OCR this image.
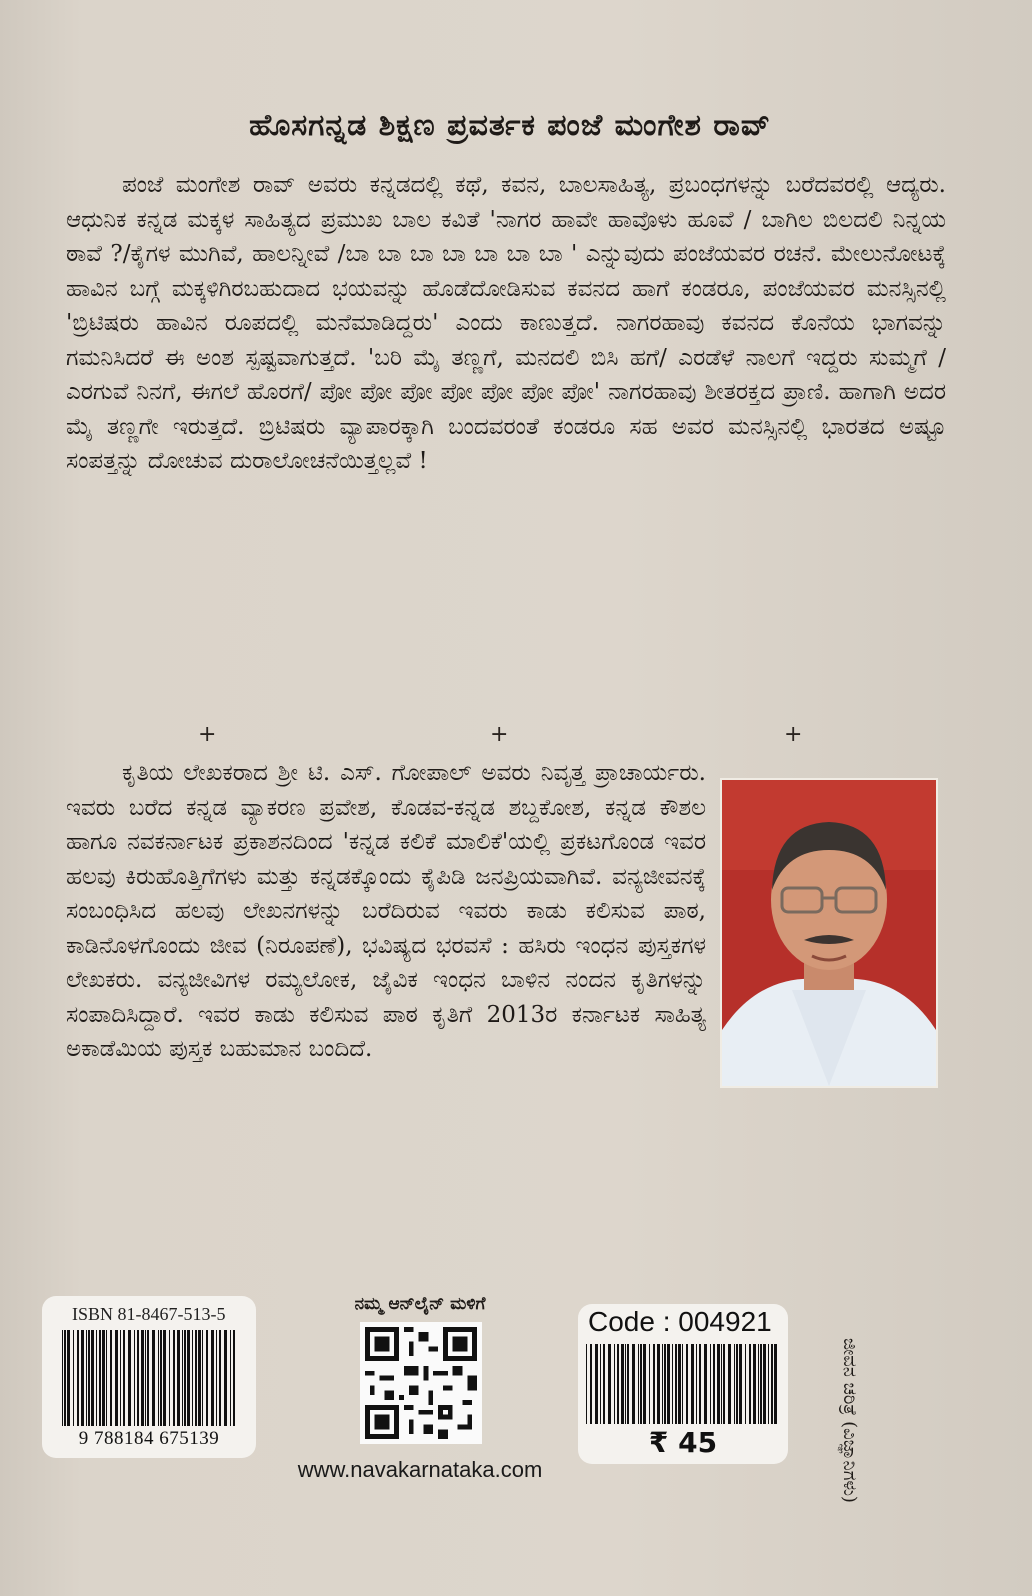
ಹೊಸಗನ್ನಡ ಶಿಕ್ಷಣ ಪ್ರವರ್ತಕ ಪಂಜೆ ಮಂಗೇಶ ರಾವ್

ಪಂಜೆ ಮಂಗೇಶ ರಾವ್ ಅವರು ಕನ್ನಡದಲ್ಲಿ ಕಥೆ, ಕವನ, ಬಾಲಸಾಹಿತ್ಯ, ಪ್ರಬಂಧಗಳನ್ನು ಬರೆದವರಲ್ಲಿ ಆದ್ಯರು. ಆಧುನಿಕ ಕನ್ನಡ ಮಕ್ಕಳ ಸಾಹಿತ್ಯದ ಪ್ರಮುಖ ಬಾಲ ಕವಿತೆ 'ನಾಗರ ಹಾವೇ ಹಾವೊಳು ಹೂವೆ / ಬಾಗಿಲ ಬಿಲದಲಿ ನಿನ್ನಯ ಠಾವೆ ?/ಕೈಗಳ ಮುಗಿವೆ, ಹಾಲನ್ನೀವೆ /ಬಾ ಬಾ ಬಾ ಬಾ ಬಾ ಬಾ ಬಾ ' ಎನ್ನುವುದು ಪಂಜೆಯವರ ರಚನೆ. ಮೇಲುನೋಟಕ್ಕೆ ಹಾವಿನ ಬಗ್ಗೆ ಮಕ್ಕಳಿಗಿರಬಹುದಾದ ಭಯವನ್ನು ಹೊಡೆದೋಡಿಸುವ ಕವನದ ಹಾಗೆ ಕಂಡರೂ, ಪಂಜೆಯವರ ಮನಸ್ಸಿನಲ್ಲಿ 'ಬ್ರಿಟಿಷರು ಹಾವಿನ ರೂಪದಲ್ಲಿ ಮನೆಮಾಡಿದ್ದರು' ಎಂದು ಕಾಣುತ್ತದೆ. ನಾಗರಹಾವು ಕವನದ ಕೊನೆಯ ಭಾಗವನ್ನು ಗಮನಿಸಿದರೆ ಈ ಅಂಶ ಸ್ಪಷ್ಟವಾಗುತ್ತದೆ. 'ಬರಿ ಮೈ ತಣ್ಣಗೆ, ಮನದಲಿ ಬಿಸಿ ಹಗೆ/ ಎರಡೆಳೆ ನಾಲಗೆ ಇದ್ದರು ಸುಮ್ಮಗೆ / ಎರಗುವೆ ನಿನಗೆ, ಈಗಲೆ ಹೊರಗೆ/ ಪೋ ಪೋ ಪೋ ಪೋ ಪೋ ಪೋ ಪೋ' ನಾಗರಹಾವು ಶೀತರಕ್ತದ ಪ್ರಾಣಿ. ಹಾಗಾಗಿ ಅದರ ಮೈ ತಣ್ಣಗೇ ಇರುತ್ತದೆ. ಬ್ರಿಟಿಷರು ವ್ಯಾಪಾರಕ್ಕಾಗಿ ಬಂದವರಂತೆ ಕಂಡರೂ ಸಹ ಅವರ ಮನಸ್ಸಿನಲ್ಲಿ ಭಾರತದ ಅಷ್ಟೂ ಸಂಪತ್ತನ್ನು ದೋಚುವ ದುರಾಲೋಚನೆಯಿತ್ತಲ್ಲವೆ !

+	+	+

ಕೃತಿಯ ಲೇಖಕರಾದ ಶ್ರೀ ಟಿ. ಎಸ್. ಗೋಪಾಲ್ ಅವರು ನಿವೃತ್ತ ಪ್ರಾಚಾರ್ಯರು. ಇವರು ಬರೆದ ಕನ್ನಡ ವ್ಯಾಕರಣ ಪ್ರವೇಶ, ಕೊಡವ-ಕನ್ನಡ ಶಬ್ದಕೋಶ, ಕನ್ನಡ ಕೌಶಲ ಹಾಗೂ ನವಕರ್ನಾಟಕ ಪ್ರಕಾಶನದಿಂದ 'ಕನ್ನಡ ಕಲಿಕೆ ಮಾಲಿಕೆ'ಯಲ್ಲಿ ಪ್ರಕಟಗೊಂಡ ಇವರ ಹಲವು ಕಿರುಹೊತ್ತಿಗೆಗಳು ಮತ್ತು ಕನ್ನಡಕ್ಕೊಂದು ಕೈಪಿಡಿ ಜನಪ್ರಿಯವಾಗಿವೆ. ವನ್ಯಜೀವನಕ್ಕೆ ಸಂಬಂಧಿಸಿದ ಹಲವು ಲೇಖನಗಳನ್ನು ಬರೆದಿರುವ ಇವರು ಕಾಡು ಕಲಿಸುವ ಪಾಠ, ಕಾಡಿನೊಳಗೊಂದು ಜೀವ (ನಿರೂಪಣೆ), ಭವಿಷ್ಯದ ಭರವಸೆ : ಹಸಿರು ಇಂಧನ ಪುಸ್ತಕಗಳ ಲೇಖಕರು. ವನ್ಯಜೀವಿಗಳ ರಮ್ಯಲೋಕ, ಜೈವಿಕ ಇಂಧನ ಬಾಳಿನ ನಂದನ ಕೃತಿಗಳನ್ನು ಸಂಪಾದಿಸಿದ್ದಾರೆ. ಇವರ ಕಾಡು ಕಲಿಸುವ ಪಾಠ ಕೃತಿಗೆ 2013ರ ಕರ್ನಾಟಕ ಸಾಹಿತ್ಯ ಅಕಾಡೆಮಿಯ ಪುಸ್ತಕ ಬಹುಮಾನ ಬಂದಿದೆ.

ISBN 81-8467-513-5
9 788184 675139
ನಮ್ಮ ಆನ್‌ಲೈನ್ ಮಳಿಗೆ
www.navakarnataka.com
Code : 004921
₹ 45	ಜೀವನ ಚರಿತ್ರೆ (ವಿಜ್ಞಾನಿಗಳು)
